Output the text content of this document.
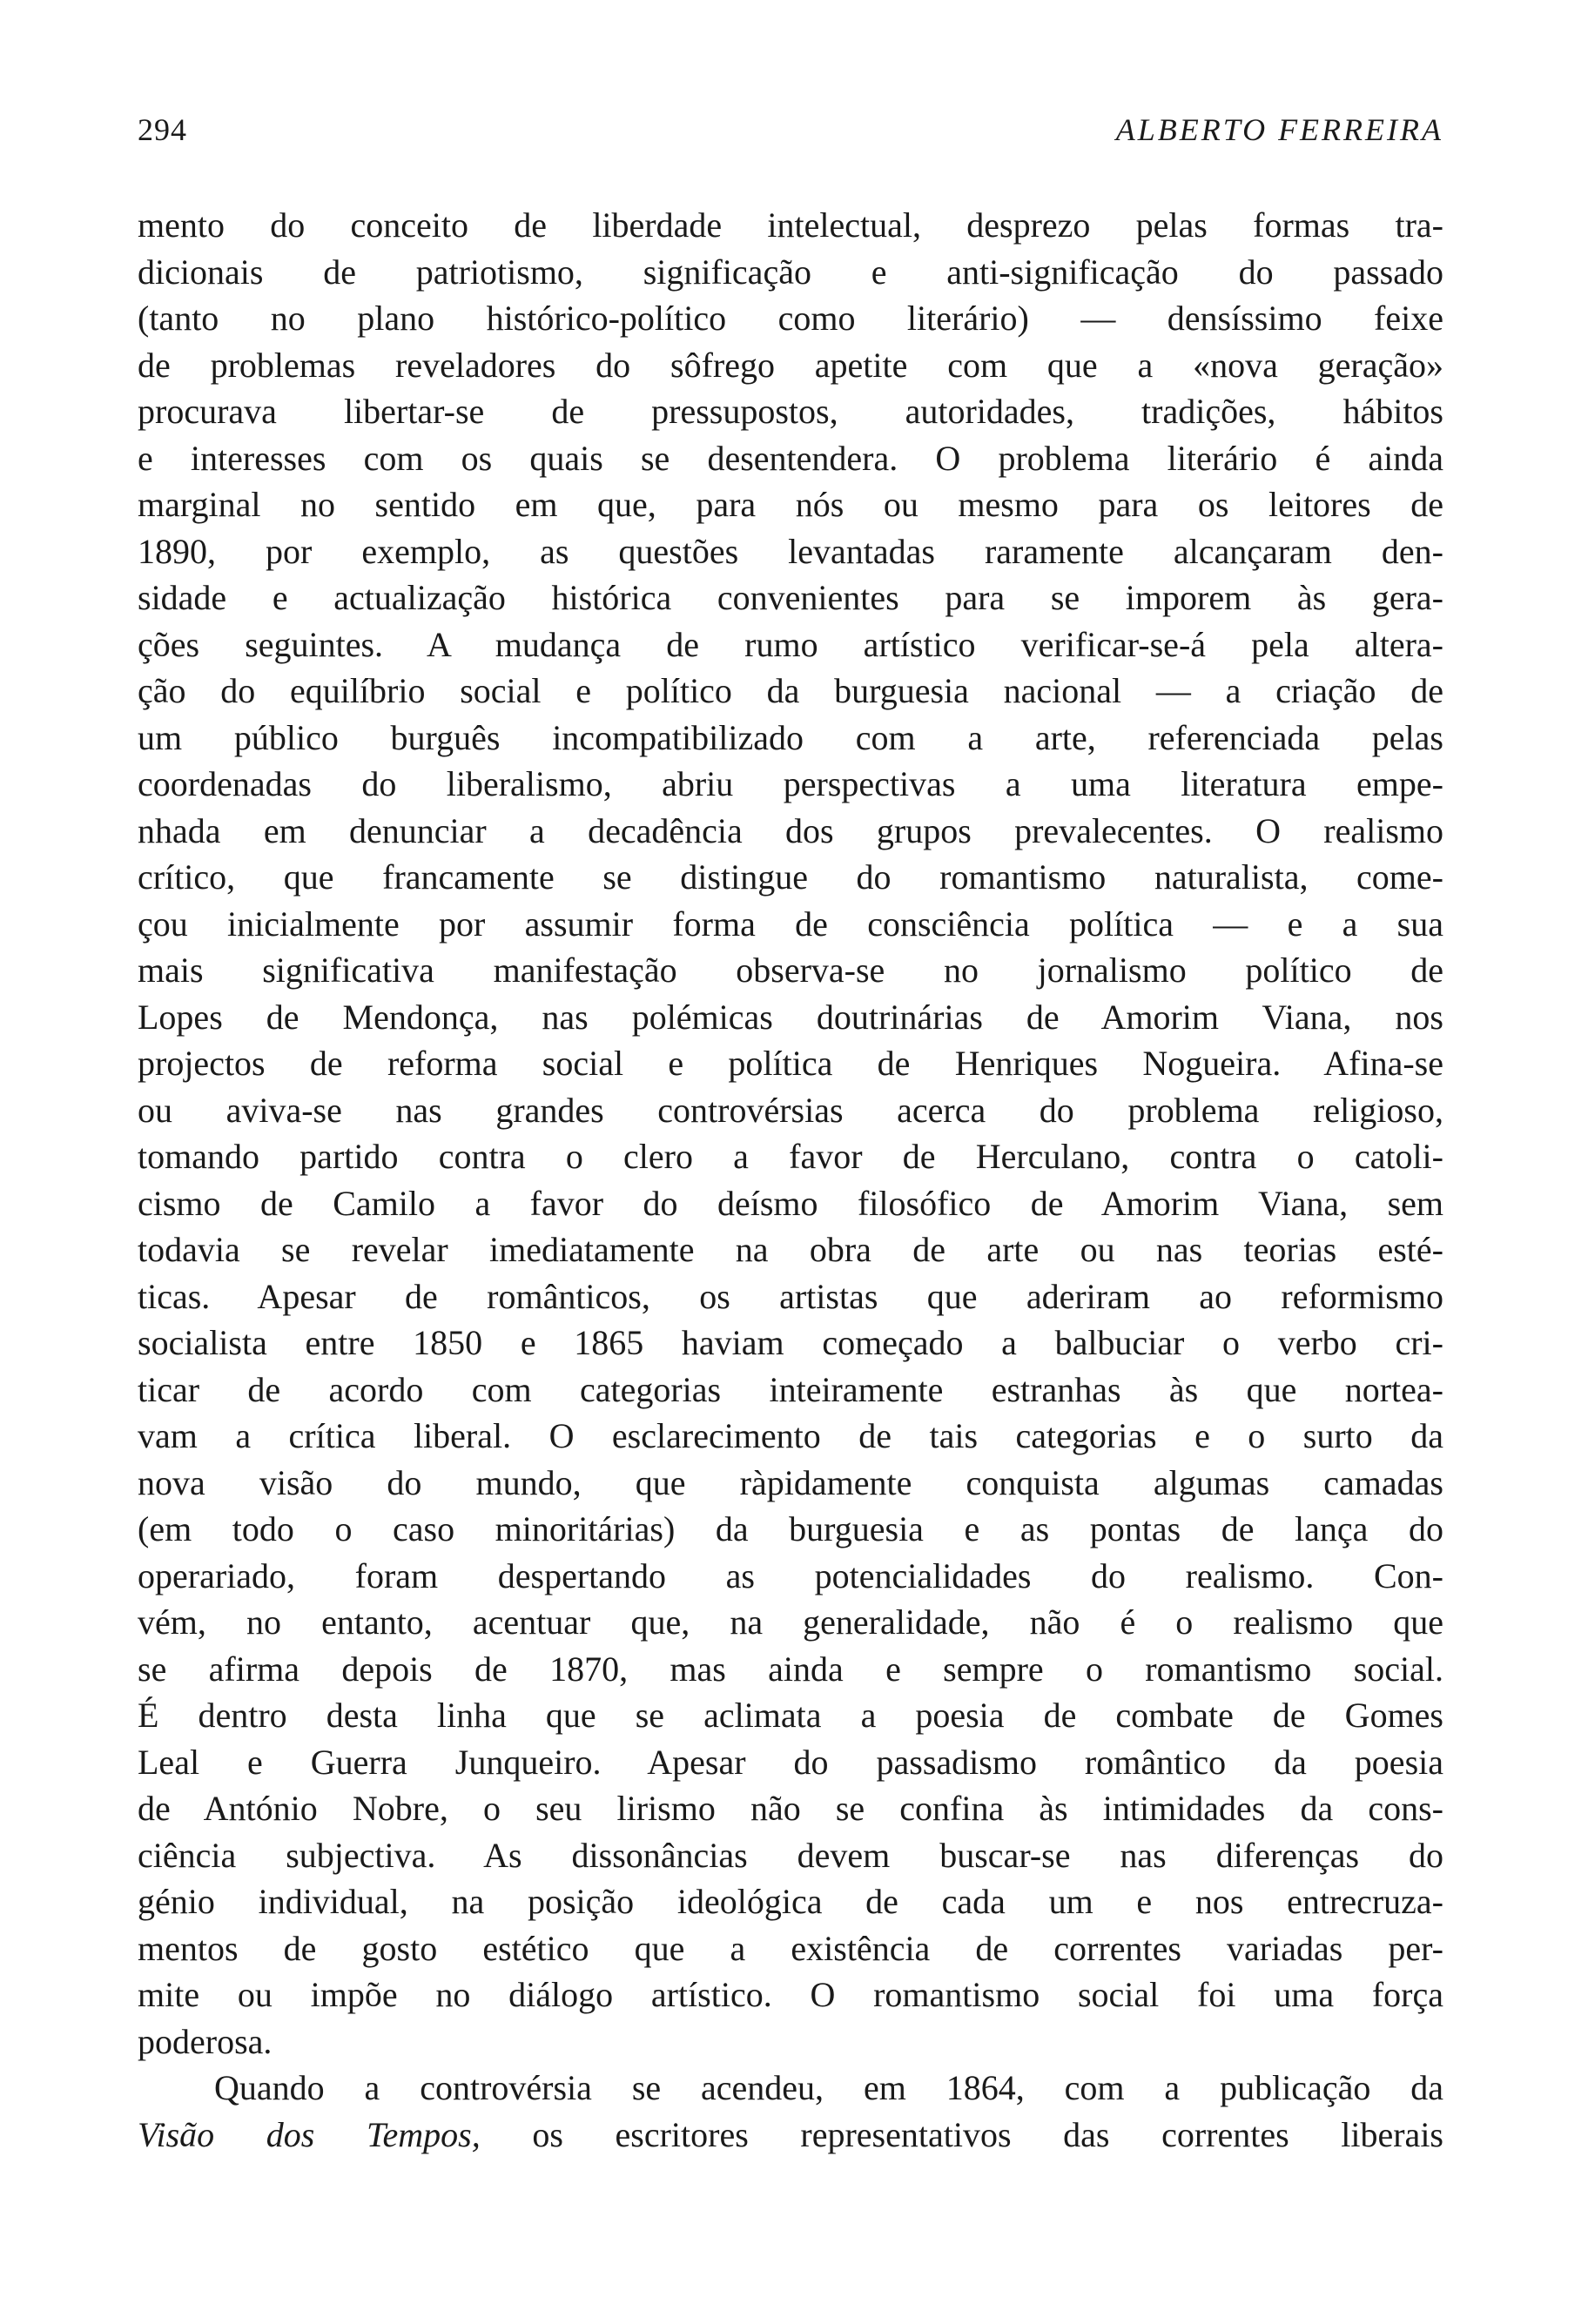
294	ALBERTO FERREIRA
mento do conceito de liberdade intelectual, desprezo pelas formas tra-
dicionais de patriotismo, significação e anti-significação do passado
(tanto no plano histórico-político como literário) — densíssimo feixe
de problemas reveladores do sôfrego apetite com que a «nova geração»
procurava libertar-se de pressupostos, autoridades, tradições, hábitos
e interesses com os quais se desentendera. O problema literário é ainda
marginal no sentido em que, para nós ou mesmo para os leitores de
1890, por exemplo, as questões levantadas raramente alcançaram den-
sidade e actualização histórica convenientes para se imporem às gera-
ções seguintes. A mudança de rumo artístico verificar-se-á pela altera-
ção do equilíbrio social e político da burguesia nacional — a criação de
um público burguês incompatibilizado com a arte, referenciada pelas
coordenadas do liberalismo, abriu perspectivas a uma literatura empe-
nhada em denunciar a decadência dos grupos prevalecentes. O realismo
crítico, que francamente se distingue do romantismo naturalista, come-
çou inicialmente por assumir forma de consciência política — e a sua
mais significativa manifestação observa-se no jornalismo político de
Lopes de Mendonça, nas polémicas doutrinárias de Amorim Viana, nos
projectos de reforma social e política de Henriques Nogueira. Afina-se
ou aviva-se nas grandes controvérsias acerca do problema religioso,
tomando partido contra o clero a favor de Herculano, contra o catoli-
cismo de Camilo a favor do deísmo filosófico de Amorim Viana, sem
todavia se revelar imediatamente na obra de arte ou nas teorias esté-
ticas. Apesar de românticos, os artistas que aderiram ao reformismo
socialista entre 1850 e 1865 haviam começado a balbuciar o verbo cri-
ticar de acordo com categorias inteiramente estranhas às que nortea-
vam a crítica liberal. O esclarecimento de tais categorias e o surto da
nova visão do mundo, que ràpidamente conquista algumas camadas
(em todo o caso minoritárias) da burguesia e as pontas de lança do
operariado, foram despertando as potencialidades do realismo. Con-
vém, no entanto, acentuar que, na generalidade, não é o realismo que
se afirma depois de 1870, mas ainda e sempre o romantismo social.
É dentro desta linha que se aclimata a poesia de combate de Gomes
Leal e Guerra Junqueiro. Apesar do passadismo romântico da poesia
de António Nobre, o seu lirismo não se confina às intimidades da cons-
ciência subjectiva. As dissonâncias devem buscar-se nas diferenças do
génio individual, na posição ideológica de cada um e nos entrecruza-
mentos de gosto estético que a existência de correntes variadas per-
mite ou impõe no diálogo artístico. O romantismo social foi uma força
poderosa.
Quando a controvérsia se acendeu, em 1864, com a publicação da
Visão dos Tempos, os escritores representativos das correntes liberais
